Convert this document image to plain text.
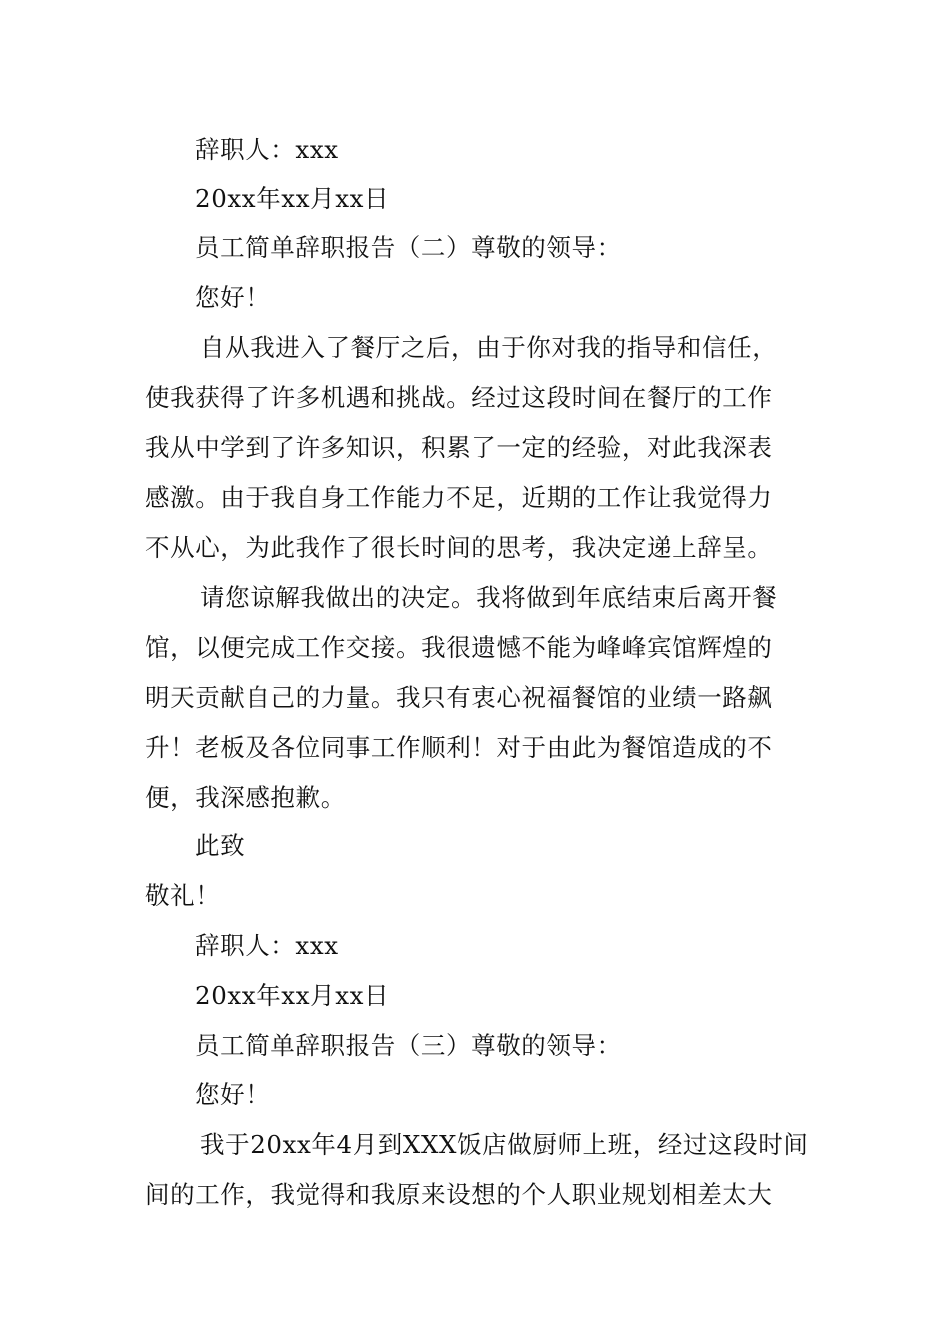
辞职人：xxx
20xx年xx月xx日
员工简单辞职报告（二）尊敬的领导：
您好！
自从我进入了餐厅之后，由于你对我的指导和信任，
使我获得了许多机遇和挑战。经过这段时间在餐厅的工作
我从中学到了许多知识，积累了一定的经验，对此我深表
感激。由于我自身工作能力不足，近期的工作让我觉得力
不从心，为此我作了很长时间的思考，我决定递上辞呈。
请您谅解我做出的决定。我将做到年底结束后离开餐
馆，以便完成工作交接。我很遗憾不能为峰峰宾馆辉煌的
明天贡献自己的力量。我只有衷心祝福餐馆的业绩一路飙
升！老板及各位同事工作顺利！对于由此为餐馆造成的不
便，我深感抱歉。
此致
敬礼！
辞职人：xxx
20xx年xx月xx日
员工简单辞职报告（三）尊敬的领导：
您好！
我于20xx年4月到XXX饭店做厨师上班，经过这段时间
间的工作，我觉得和我原来设想的个人职业规划相差太大
